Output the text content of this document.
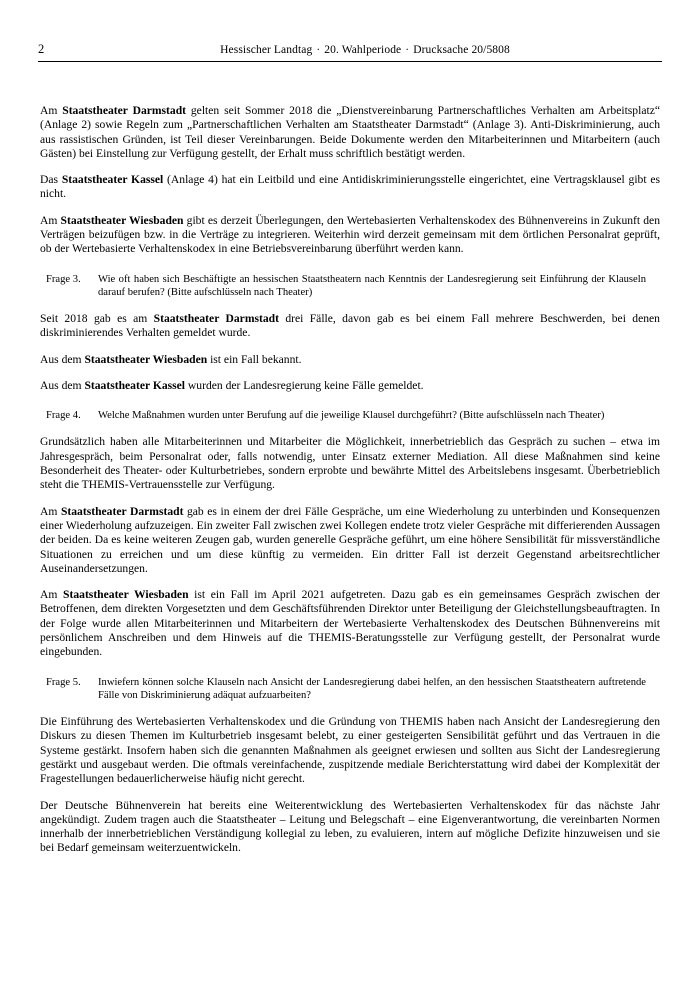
2	Hessischer Landtag · 20. Wahlperiode · Drucksache 20/5808

Am Staatstheater Darmstadt gelten seit Sommer 2018 die „Dienstvereinbarung Partnerschaftliches Verhalten am Arbeitsplatz“ (Anlage 2) sowie Regeln zum „Partnerschaftlichen Verhalten am Staatstheater Darmstadt“ (Anlage 3). Anti-Diskriminierung, auch aus rassistischen Gründen, ist Teil dieser Vereinbarungen. Beide Dokumente werden den Mitarbeiterinnen und Mitarbeitern (auch Gästen) bei Einstellung zur Verfügung gestellt, der Erhalt muss schriftlich bestätigt werden.

Das Staatstheater Kassel (Anlage 4) hat ein Leitbild und eine Antidiskriminierungsstelle eingerichtet, eine Vertragsklausel gibt es nicht.

Am Staatstheater Wiesbaden gibt es derzeit Überlegungen, den Wertebasierten Verhaltenskodex des Bühnenvereins in Zukunft den Verträgen beizufügen bzw. in die Verträge zu integrieren. Weiterhin wird derzeit gemeinsam mit dem örtlichen Personalrat geprüft, ob der Wertebasierte Verhaltenskodex in eine Betriebsvereinbarung überführt werden kann.

Frage 3.	Wie oft haben sich Beschäftigte an hessischen Staatstheatern nach Kenntnis der Landesregierung seit Einführung der Klauseln darauf berufen? (Bitte aufschlüsseln nach Theater)

Seit 2018 gab es am Staatstheater Darmstadt drei Fälle, davon gab es bei einem Fall mehrere Beschwerden, bei denen diskriminierendes Verhalten gemeldet wurde.

Aus dem Staatstheater Wiesbaden ist ein Fall bekannt.

Aus dem Staatstheater Kassel wurden der Landesregierung keine Fälle gemeldet.

Frage 4.	Welche Maßnahmen wurden unter Berufung auf die jeweilige Klausel durchgeführt? (Bitte aufschlüsseln nach Theater)

Grundsätzlich haben alle Mitarbeiterinnen und Mitarbeiter die Möglichkeit, innerbetrieblich das Gespräch zu suchen – etwa im Jahresgespräch, beim Personalrat oder, falls notwendig, unter Einsatz externer Mediation. All diese Maßnahmen sind keine Besonderheit des Theater- oder Kulturbetriebes, sondern erprobte und bewährte Mittel des Arbeitslebens insgesamt. Überbetrieblich steht die THEMIS-Vertrauensstelle zur Verfügung.

Am Staatstheater Darmstadt gab es in einem der drei Fälle Gespräche, um eine Wiederholung zu unterbinden und Konsequenzen einer Wiederholung aufzuzeigen. Ein zweiter Fall zwischen zwei Kollegen endete trotz vieler Gespräche mit differierenden Aussagen der beiden. Da es keine weiteren Zeugen gab, wurden generelle Gespräche geführt, um eine höhere Sensibilität für missverständliche Situationen zu erreichen und um diese künftig zu vermeiden. Ein dritter Fall ist derzeit Gegenstand arbeitsrechtlicher Auseinandersetzungen.

Am Staatstheater Wiesbaden ist ein Fall im April 2021 aufgetreten. Dazu gab es ein gemeinsames Gespräch zwischen der Betroffenen, dem direkten Vorgesetzten und dem Geschäftsführenden Direktor unter Beteiligung der Gleichstellungsbeauftragten. In der Folge wurde allen Mitarbeiterinnen und Mitarbeitern der Wertebasierte Verhaltenskodex des Deutschen Bühnenvereins mit persönlichem Anschreiben und dem Hinweis auf die THEMIS-Beratungsstelle zur Verfügung gestellt, der Personalrat wurde eingebunden.

Frage 5.	Inwiefern können solche Klauseln nach Ansicht der Landesregierung dabei helfen, an den hessischen Staatstheatern auftretende Fälle von Diskriminierung adäquat aufzuarbeiten?

Die Einführung des Wertebasierten Verhaltenskodex und die Gründung von THEMIS haben nach Ansicht der Landesregierung den Diskurs zu diesen Themen im Kulturbetrieb insgesamt belebt, zu einer gesteigerten Sensibilität geführt und das Vertrauen in die Systeme gestärkt. Insofern haben sich die genannten Maßnahmen als geeignet erwiesen und sollten aus Sicht der Landesregierung gestärkt und ausgebaut werden. Die oftmals vereinfachende, zuspitzende mediale Berichterstattung wird dabei der Komplexität der Fragestellungen bedauerlicherweise häufig nicht gerecht.

Der Deutsche Bühnenverein hat bereits eine Weiterentwicklung des Wertebasierten Verhaltenskodex für das nächste Jahr angekündigt. Zudem tragen auch die Staatstheater – Leitung und Belegschaft – eine Eigenverantwortung, die vereinbarten Normen innerhalb der innerbetrieblichen Verständigung kollegial zu leben, zu evaluieren, intern auf mögliche Defizite hinzuweisen und sie bei Bedarf gemeinsam weiterzuentwickeln.
